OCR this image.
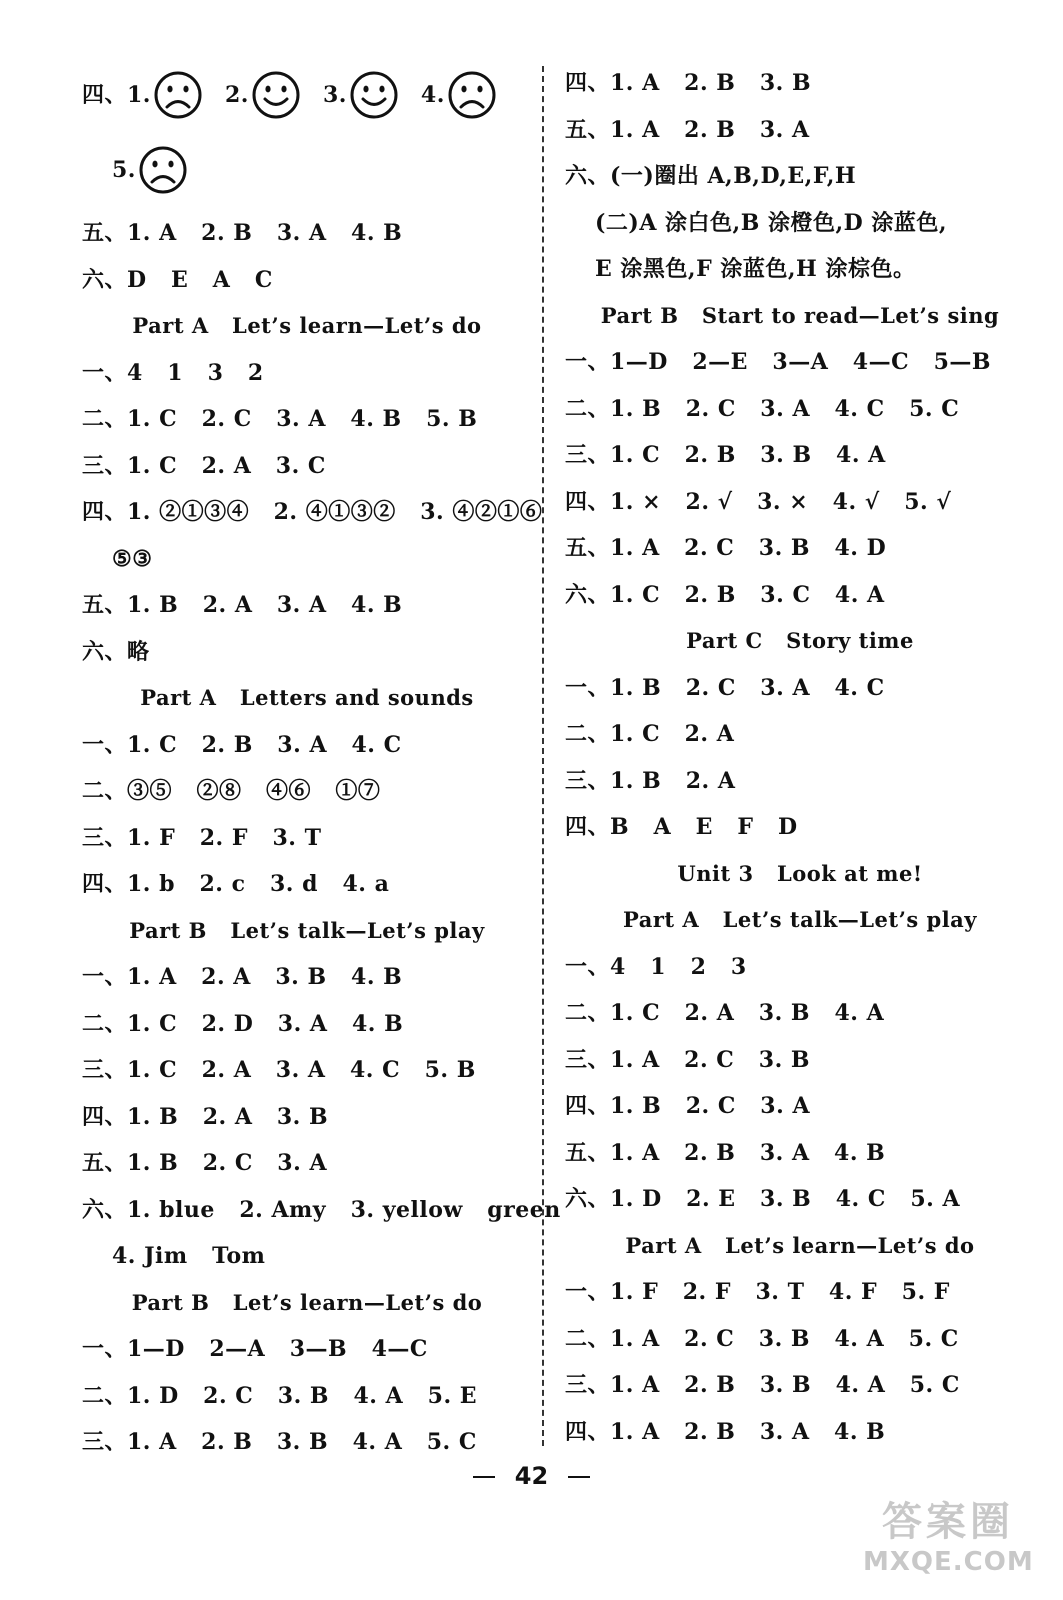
四、1.	2.	3.	4.
5.
五、1. A   2. B   3. A   4. B
六、D   E   A   C
Part A   Let’s learn—Let’s do
一、4   1   3   2
二、1. C   2. C   3. A   4. B   5. B
三、1. C   2. A   3. C
四、1. ②①③④   2. ④①③②   3. ④②①⑥
⑤③
五、1. B   2. A   3. A   4. B
六、略
Part A   Letters and sounds
一、1. C   2. B   3. A   4. C
二、③⑤   ②⑧   ④⑥   ①⑦
三、1. F   2. F   3. T
四、1. b   2. c   3. d   4. a
Part B   Let’s talk—Let’s play
一、1. A   2. A   3. B   4. B
二、1. C   2. D   3. A   4. B
三、1. C   2. A   3. A   4. C   5. B
四、1. B   2. A   3. B
五、1. B   2. C   3. A
六、1. blue   2. Amy   3. yellow   green
4. Jim   Tom
Part B   Let’s learn—Let’s do
一、1—D   2—A   3—B   4—C
二、1. D   2. C   3. B   4. A   5. E
三、1. A   2. B   3. B   4. A   5. C
四、1. A   2. B   3. B
五、1. A   2. B   3. A
六、(一)圈出 A,B,D,E,F,H
(二)A 涂白色,B 涂橙色,D 涂蓝色,
E 涂黑色,F 涂蓝色,H 涂棕色。
Part B   Start to read—Let’s sing
一、1—D   2—E   3—A   4—C   5—B
二、1. B   2. C   3. A   4. C   5. C
三、1. C   2. B   3. B   4. A
四、1. ×   2. √   3. ×   4. √   5. √
五、1. A   2. C   3. B   4. D
六、1. C   2. B   3. C   4. A
Part C   Story time
一、1. B   2. C   3. A   4. C
二、1. C   2. A
三、1. B   2. A
四、B   A   E   F   D
Unit 3   Look at me!
Part A   Let’s talk—Let’s play
一、4   1   2   3
二、1. C   2. A   3. B   4. A
三、1. A   2. C   3. B
四、1. B   2. C   3. A
五、1. A   2. B   3. A   4. B
六、1. D   2. E   3. B   4. C   5. A
Part A   Let’s learn—Let’s do
一、1. F   2. F   3. T   4. F   5. F
二、1. A   2. C   3. B   4. A   5. C
三、1. A   2. B   3. B   4. A   5. C
四、1. A   2. B   3. A   4. B
42
答案圈
MXQE.COM
